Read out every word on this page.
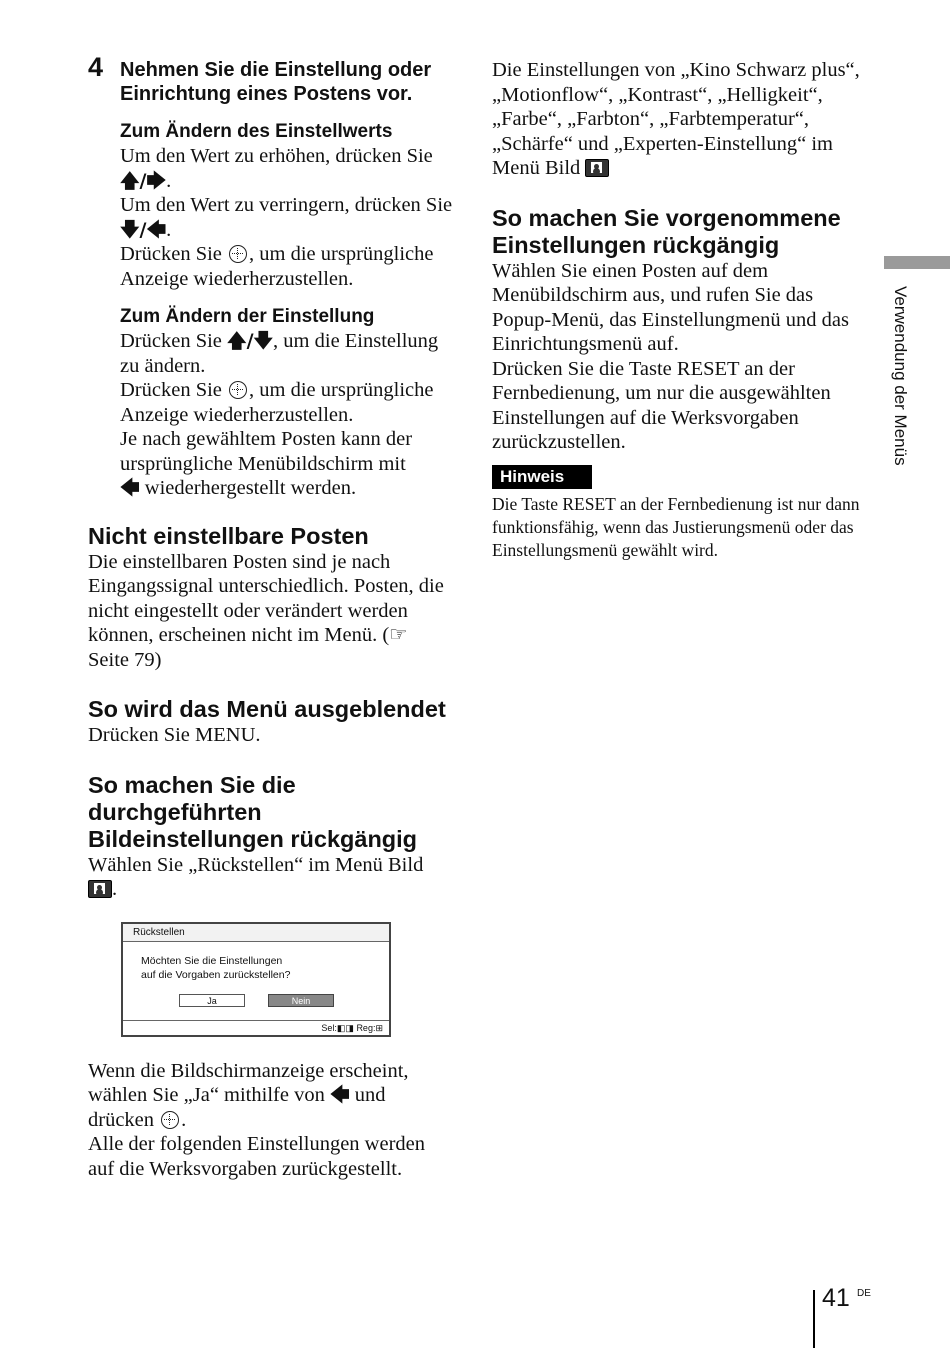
4 Nehmen Sie die Einstellung oder Einrichtung eines Postens vor.
Zum Ändern des Einstellwerts

Um den Wert zu erhöhen, drücken Sie
🡅/🡆.

Um den Wert zu verringern, drücken Sie 🡇/🡄.

Drücken Sie , um die ursprüngliche Anzeige wiederherzustellen.

Zum Ändern der Einstellung

Drücken Sie 🡅/🡇, um die Einstellung zu ändern.

Drücken Sie , um die ursprüngliche Anzeige wiederherzustellen.

Je nach gewähltem Posten kann der ursprüngliche Menübildschirm mit
🡄 wiederhergestellt werden.

Nicht einstellbare Posten

Die einstellbaren Posten sind je nach Eingangssignal unterschiedlich. Posten, die nicht eingestellt oder verändert werden können, erscheinen nicht im Menü. (☞ Seite 79)

So wird das Menü ausgeblendet

Drücken Sie MENU.

So machen Sie die durchgeführten Bildeinstellungen rückgängig

Wählen Sie „Rückstellen“ im Menü Bild
.

Rückstellen
Möchten Sie die Einstellungen
auf die Vorgaben zurückstellen?
Ja	Nein
Sel:◧◨ Reg:⊞

Wenn die Bildschirmanzeige erscheint, wählen Sie „Ja“ mithilfe von 🡄 und drücken .

Alle der folgenden Einstellungen werden auf die Werksvorgaben zurückgestellt.

Die Einstellungen von „Kino Schwarz plus“, „Motionflow“, „Kontrast“, „Helligkeit“, „Farbe“, „Farbton“, „Farbtemperatur“, „Schärfe“ und „Experten-Einstellung“ im Menü Bild

So machen Sie vorgenommene Einstellungen rückgängig

Wählen Sie einen Posten auf dem Menübildschirm aus, und rufen Sie das Popup-Menü, das Einstellungmenü und das Einrichtungsmenü auf.

Drücken Sie die Taste RESET an der Fernbedienung, um nur die ausgewählten Einstellungen auf die Werksvorgaben zurückzustellen.

Hinweis
Die Taste RESET an der Fernbedienung ist nur dann funktionsfähig, wenn das Justierungsmenü oder das Einstellungsmenü gewählt wird.
Verwendung der Menüs
41 DE
